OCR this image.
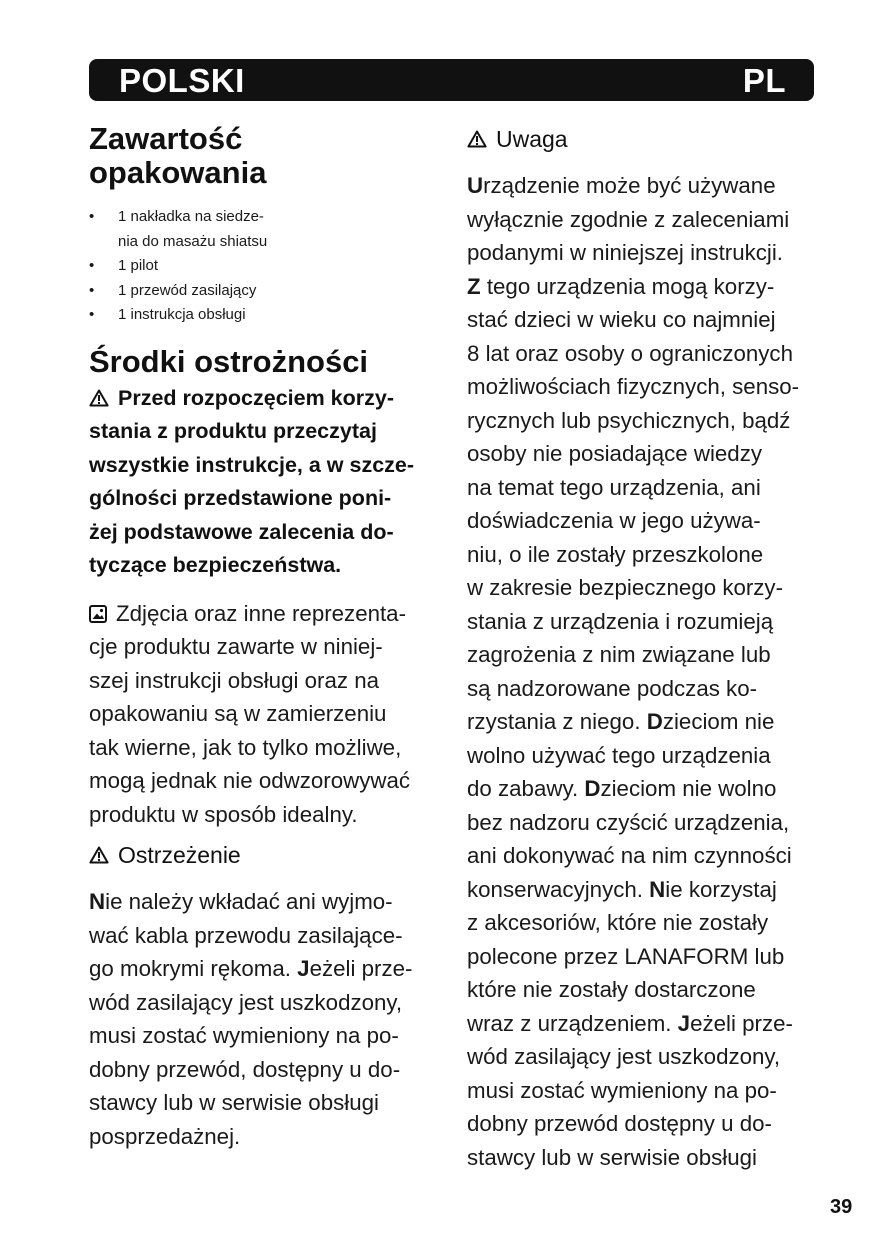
POLSKI	PL
Zawartość
opakowania
• 1 nakładka na siedze-
nia do masażu shiatsu
• 1 pilot
• 1 przewód zasilający
• 1 instrukcja obsługi
Środki ostrożności

Przed rozpoczęciem korzy-
stania z produktu przeczytaj
wszystkie instrukcje, a w szcze-
gólności przedstawione poni-
żej podstawowe zalecenia do-
tyczące bezpieczeństwa.

Zdjęcia oraz inne reprezenta-
cje produktu zawarte w niniej-
szej instrukcji obsługi oraz na
opakowaniu są w zamierzeniu
tak wierne, jak to tylko możliwe,
mogą jednak nie odwzorowywać
produktu w sposób idealny.

Ostrzeżenie

Nie należy wkładać ani wyjmo-
wać kabla przewodu zasilające-
go mokrymi rękoma. Jeżeli prze-
wód zasilający jest uszkodzony,
musi zostać wymieniony na po-
dobny przewód, dostępny u do-
stawcy lub w serwisie obsługi
posprzedażnej.

Uwaga

Urządzenie może być używane
wyłącznie zgodnie z zaleceniami
podanymi w niniejszej instrukcji.
Z tego urządzenia mogą korzy-
stać dzieci w wieku co najmniej
8 lat oraz osoby o ograniczonych
możliwościach fizycznych, senso-
rycznych lub psychicznych, bądź
osoby nie posiadające wiedzy
na temat tego urządzenia, ani
doświadczenia w jego używa-
niu, o ile zostały przeszkolone
w zakresie bezpiecznego korzy-
stania z urządzenia i rozumieją
zagrożenia z nim związane lub
są nadzorowane podczas ko-
rzystania z niego. Dzieciom nie
wolno używać tego urządzenia
do zabawy. Dzieciom nie wolno
bez nadzoru czyścić urządzenia,
ani dokonywać na nim czynności
konserwacyjnych. Nie korzystaj
z akcesoriów, które nie zostały
polecone przez LANAFORM lub
które nie zostały dostarczone
wraz z urządzeniem. Jeżeli prze-
wód zasilający jest uszkodzony,
musi zostać wymieniony na po-
dobny przewód dostępny u do-
stawcy lub w serwisie obsługi

39
